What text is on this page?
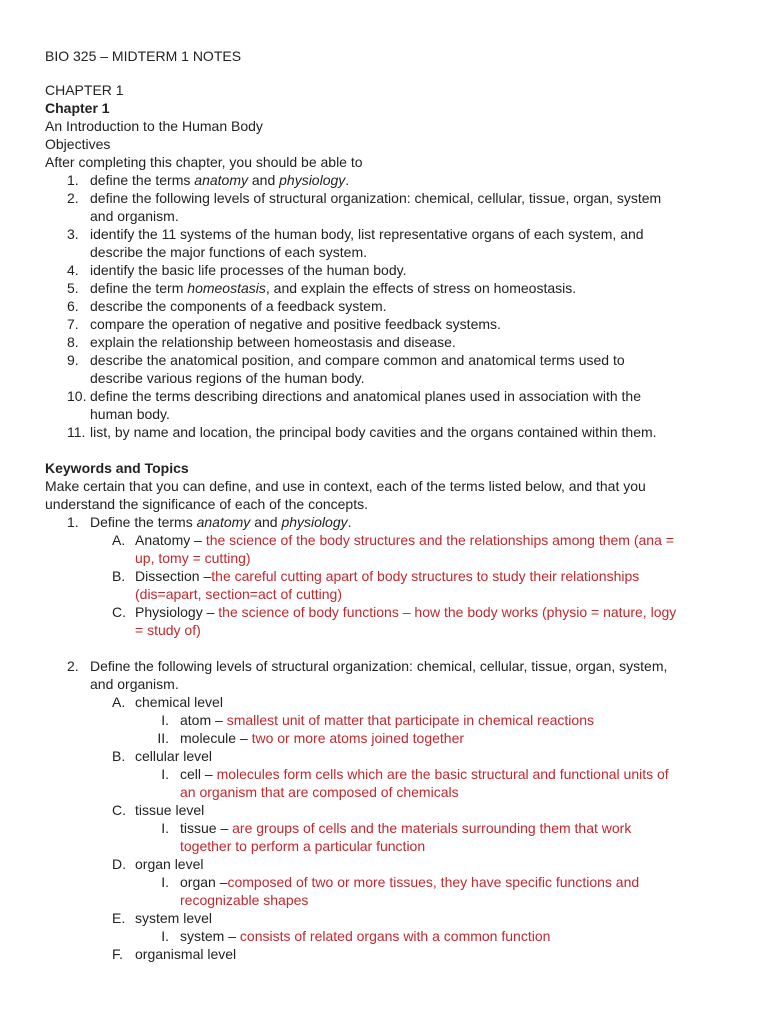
BIO 325 – MIDTERM 1 NOTES
CHAPTER 1
Chapter 1
An Introduction to the Human Body
Objectives
After completing this chapter, you should be able to
1. define the terms anatomy and physiology.
2. define the following levels of structural organization: chemical, cellular, tissue, organ, system
and organism.
3. identify the 11 systems of the human body, list representative organs of each system, and
describe the major functions of each system.
4. identify the basic life processes of the human body.
5. define the term homeostasis, and explain the effects of stress on homeostasis.
6. describe the components of a feedback system.
7. compare the operation of negative and positive feedback systems.
8. explain the relationship between homeostasis and disease.
9. describe the anatomical position, and compare common and anatomical terms used to
describe various regions of the human body.
10. define the terms describing directions and anatomical planes used in association with the
human body.
11. list, by name and location, the principal body cavities and the organs contained within them.
Keywords and Topics
Make certain that you can define, and use in context, each of the terms listed below, and that you
understand the significance of each of the concepts.
1. Define the terms anatomy and physiology.
A. Anatomy – the science of the body structures and the relationships among them (ana =
up, tomy = cutting)
B. Dissection –the careful cutting apart of body structures to study their relationships
(dis=apart, section=act of cutting)
C. Physiology – the science of body functions – how the body works (physio = nature, logy
= study of)
2. Define the following levels of structural organization: chemical, cellular, tissue, organ, system,
and organism.
A. chemical level
I. atom – smallest unit of matter that participate in chemical reactions
II. molecule – two or more atoms joined together
B. cellular level
I. cell – molecules form cells which are the basic structural and functional units of
an organism that are composed of chemicals
C. tissue level
I. tissue – are groups of cells and the materials surrounding them that work
together to perform a particular function
D. organ level
I. organ –composed of two or more tissues, they have specific functions and
recognizable shapes
E. system level
I. system – consists of related organs with a common function
F. organismal level
